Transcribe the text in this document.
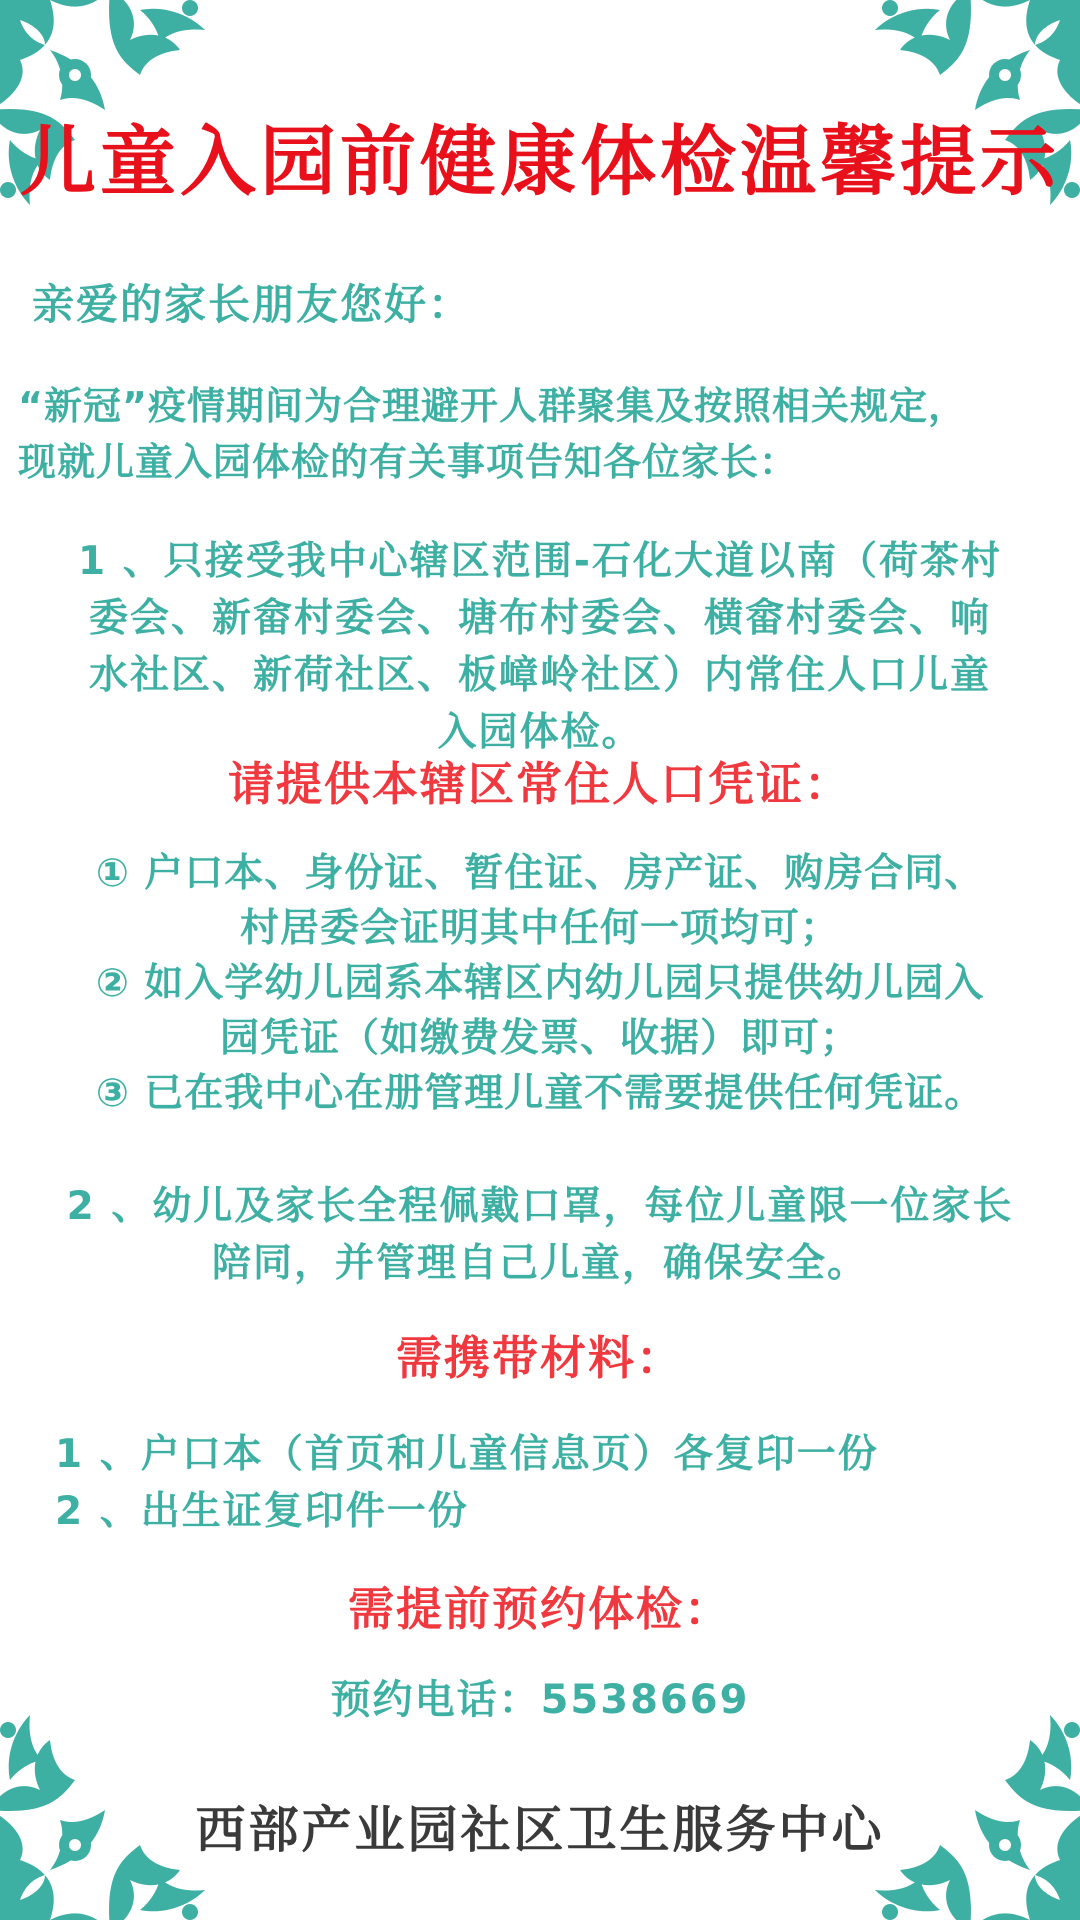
儿童入园前健康体检温馨提示
亲爱的家长朋友您好：
“新冠”疫情期间为合理避开人群聚集及按照相关规定，
现就儿童入园体检的有关事项告知各位家长：
1 、只接受我中心辖区范围-石化大道以南（荷茶村
委会、新畲村委会、塘布村委会、横畲村委会、响
水社区、新荷社区、板嶂岭社区）内常住人口儿童
入园体检。
请提供本辖区常住人口凭证：
① 户口本、身份证、暂住证、房产证、购房合同、
村居委会证明其中任何一项均可；
② 如入学幼儿园系本辖区内幼儿园只提供幼儿园入
园凭证（如缴费发票、收据）即可；
③ 已在我中心在册管理儿童不需要提供任何凭证。
2 、幼儿及家长全程佩戴口罩，每位儿童限一位家长
陪同，并管理自己儿童，确保安全。
需携带材料：
1 、户口本（首页和儿童信息页）各复印一份
2 、出生证复印件一份
需提前预约体检：
预约电话：5538669
西部产业园社区卫生服务中心
